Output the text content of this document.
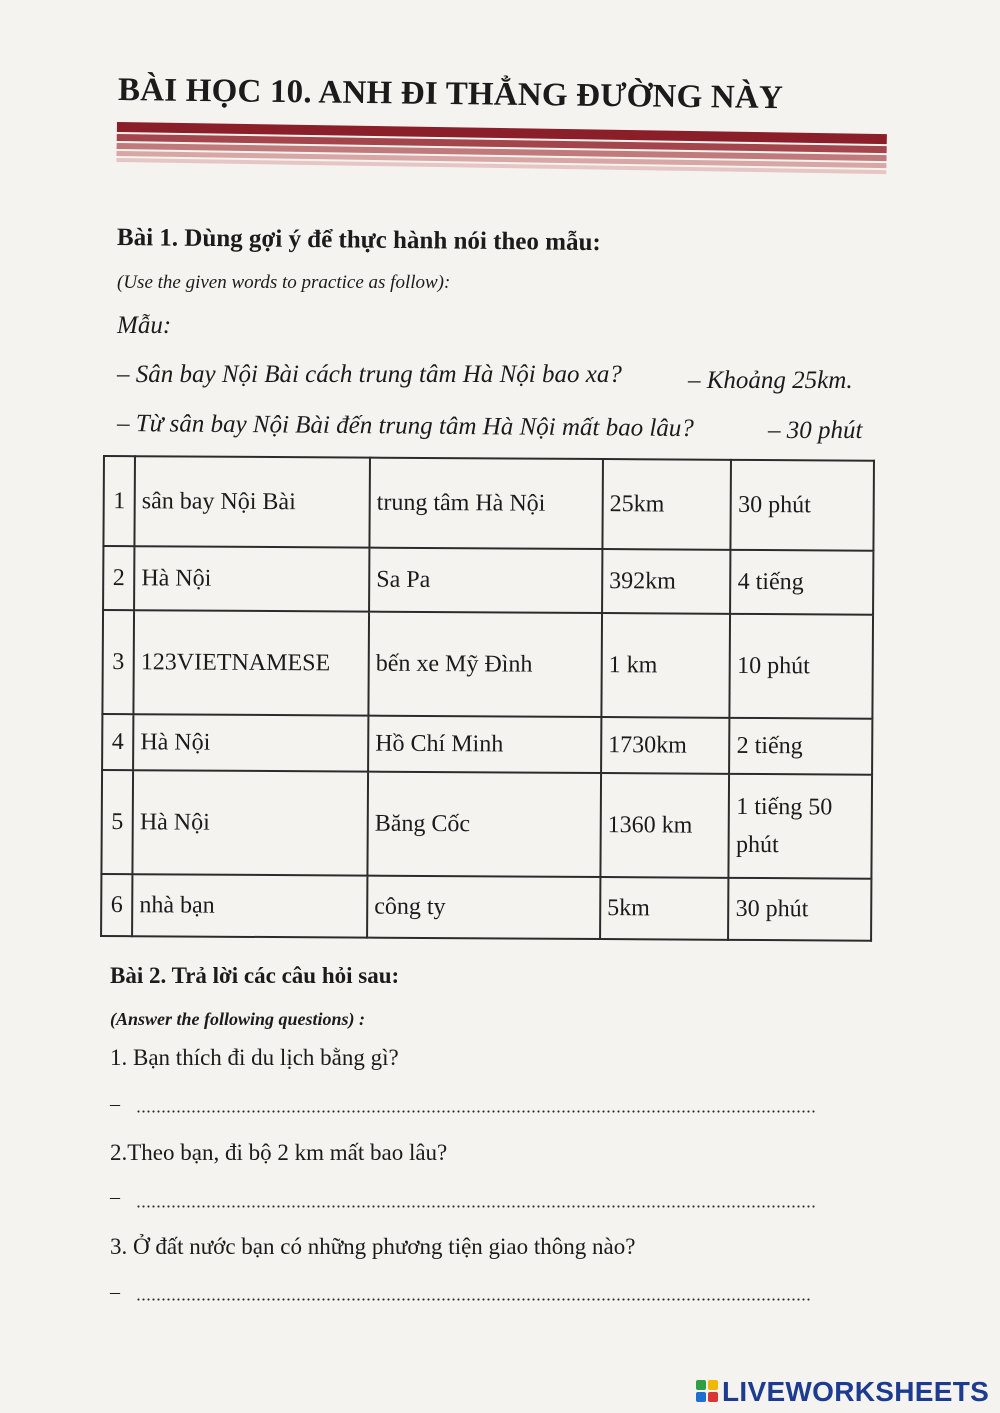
BÀI HỌC 10. ANH ĐI THẲNG ĐƯỜNG NÀY
Bài 1. Dùng gợi ý để thực hành nói theo mẫu:
(Use the given words to practice as follow):
Mẫu:
– Sân bay Nội Bài cách trung tâm Hà Nội bao xa?	– Khoảng 25km.
– Từ sân bay Nội Bài đến trung tâm Hà Nội mất bao lâu?	– 30 phút
1	sân bay Nội Bài	trung tâm Hà Nội	25km	30 phút
2	Hà Nội	Sa Pa	392km	4 tiếng
3	123VIETNAMESE	bến xe Mỹ Đình	1 km	10 phút
4	Hà Nội	Hồ Chí Minh	1730km	2 tiếng
5	Hà Nội	Băng Cốc	1360 km	1 tiếng 50 phút
6	nhà bạn	công ty	5km	30 phút
Bài 2. Trả lời các câu hỏi sau:
(Answer the following questions) :
1. Bạn thích đi du lịch bằng gì?
–
2.Theo bạn, đi bộ 2 km mất bao lâu?
–
3. Ở đất nước bạn có những phương tiện giao thông nào?
–
LIVEWORKSHEETS
